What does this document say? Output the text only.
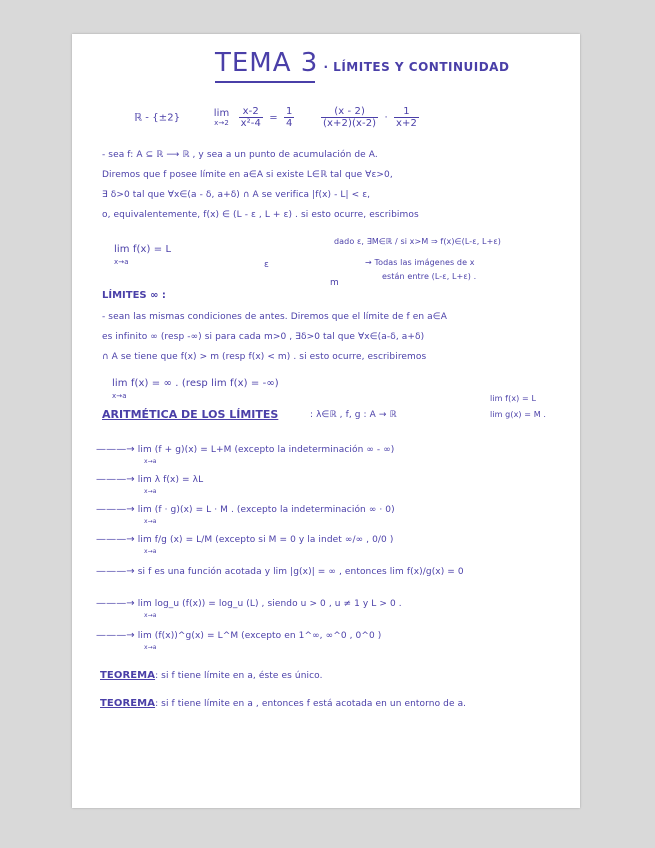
TEMA 3 · LÍMITES Y CONTINUIDAD
ℝ - {±2}	lim
x→2
$\frac{x-2}{\text{x²-4}} = \frac{1}{4}$
	$\frac{(x - 2)}{(x+2)(x-2)} \cdot \frac{1}{x+2}$
- sea f: A ⊆ ℝ ⟶ ℝ , y sea a un punto de acumulación de A.
Diremos que f posee límite en a∈A si existe L∈ℝ tal que ∀ε>0,
∃ δ>0 tal que ∀x∈(a - δ, a+δ) ∩ A se verifica |f(x) - L| < ε,
o, equivalentemente, f(x) ∈ (L - ε , L + ε) . si esto ocurre, escribimos
lim f(x) = L
x→a
dado ε, ∃M∈ℝ / si x>M ⇒ f(x)∈(L-ε, L+ε)
ε
m
→ Todas las imágenes de x
están entre (L-ε, L+ε) .
LÍMITES ∞ :
- sean las mismas condiciones de antes. Diremos que el límite de f en a∈A
es infinito ∞ (resp -∞) si para cada m>0 , ∃δ>0 tal que ∀x∈(a-δ, a+δ)
∩ A se tiene que f(x) > m (resp f(x) < m) . si esto ocurre, escribiremos
lim f(x) = ∞ . (resp lim f(x) = -∞)
x→a
ARITMÉTICA DE LOS LÍMITES	: λ∈ℝ , f, g : A → ℝ
lim f(x) = L
lim g(x) = M .
———→ lim (f + g)(x) = L+M (excepto la indeterminación ∞ - ∞)
———→ lim λ f(x) = λL
———→ lim (f · g)(x) = L · M . (excepto la indeterminación ∞ · 0)
———→ lim f/g (x) = L/M (excepto si M = 0 y la indet ∞/∞ , 0/0 )
———→ si f es una función acotada y lim |g(x)| = ∞ , entonces lim f(x)/g(x) = 0
———→ lim log_u (f(x)) = log_u (L) , siendo u > 0 , u ≠ 1 y L > 0 .
———→ lim (f(x))^g(x) = L^M (excepto en 1^∞, ∞^0 , 0^0 )
x→a
x→a
x→a
x→a
x→a
x→a
TEOREMA: si f tiene límite en a, éste es único.
TEOREMA: si f tiene límite en a , entonces f está acotada en un entorno de a.
